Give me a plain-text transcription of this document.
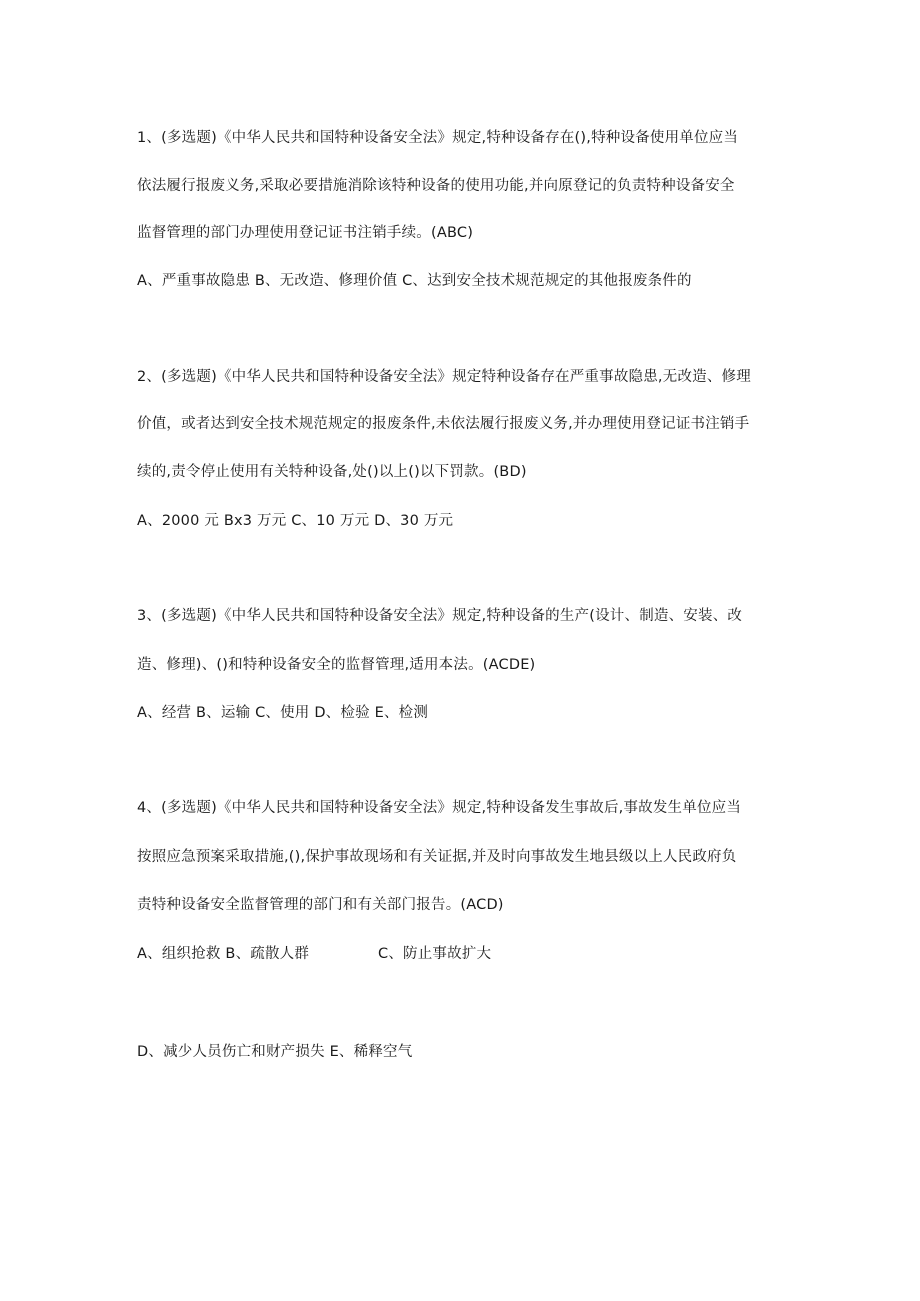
1、(多选题)《中华人民共和国特种设备安全法》规定,特种设备存在(),特种设备使用单位应当
依法履行报废义务,采取必要措施消除该特种设备的使用功能,并向原登记的负责特种设备安全
监督管理的部门办理使用登记证书注销手续。(ABC)
A、严重事故隐患 B、无改造、修理价值 C、达到安全技术规范规定的其他报废条件的
2、(多选题)《中华人民共和国特种设备安全法》规定特种设备存在严重事故隐患,无改造、修理
价值，或者达到安全技术规范规定的报废条件,未依法履行报废义务,并办理使用登记证书注销手
续的,责令停止使用有关特种设备,处()以上()以下罚款。(BD)
A、2000 元 Bx3 万元 C、10 万元 D、30 万元
3、(多选题)《中华人民共和国特种设备安全法》规定,特种设备的生产(设计、制造、安装、改
造、修理)、()和特种设备安全的监督管理,适用本法。(ACDE)
A、经营 B、运输 C、使用 D、检验 E、检测
4、(多选题)《中华人民共和国特种设备安全法》规定,特种设备发生事故后,事故发生单位应当
按照应急预案采取措施,(),保护事故现场和有关证据,并及时向事故发生地县级以上人民政府负
责特种设备安全监督管理的部门和有关部门报告。(ACD)
A、组织抢救 B、疏散人群	C、防止事故扩大
D、减少人员伤亡和财产损失 E、稀释空气
